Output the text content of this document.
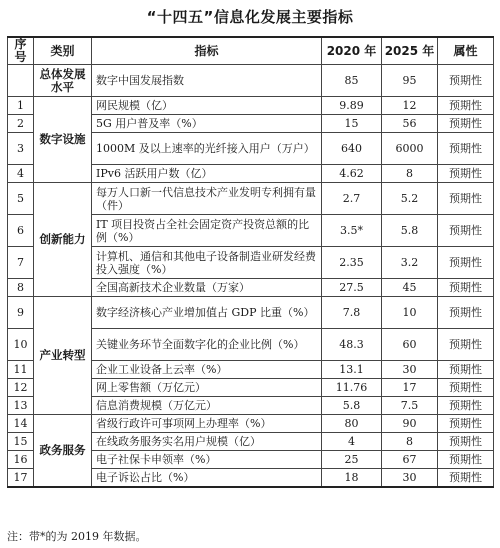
“十四五”信息化发展主要指标
序号	类别	指标	2020 年	2025 年	属性
	总体发展水平	数字中国发展指数	85	95	预期性
1	数字设施	网民规模（亿）	9.89	12	预期性
2		5G 用户普及率（%）	15	56	预期性
3		1000M 及以上速率的光纤接入用户（万户）	640	6000	预期性
4		IPv6 活跃用户数（亿）	4.62	8	预期性
5	创新能力	每万人口新一代信息技术产业发明专利拥有量（件）	2.7	5.2	预期性
6		IT 项目投资占全社会固定资产投资总额的比例（%）	3.5*	5.8	预期性
7		计算机、通信和其他电子设备制造业研发经费投入强度（%）	2.35	3.2	预期性
8		全国高新技术企业数量（万家）	27.5	45	预期性
9	产业转型	数字经济核心产业增加值占 GDP 比重（%）	7.8	10	预期性
10		关键业务环节全面数字化的企业比例（%）	48.3	60	预期性
11		企业工业设备上云率（%）	13.1	30	预期性
12		网上零售额（万亿元）	11.76	17	预期性
13		信息消费规模（万亿元）	5.8	7.5	预期性
14	政务服务	省级行政许可事项网上办理率（%）	80	90	预期性
15		在线政务服务实名用户规模（亿）	4	8	预期性
16		电子社保卡申领率（%）	25	67	预期性
17		电子诉讼占比（%）	18	30	预期性
注：带*的为 2019 年数据。
